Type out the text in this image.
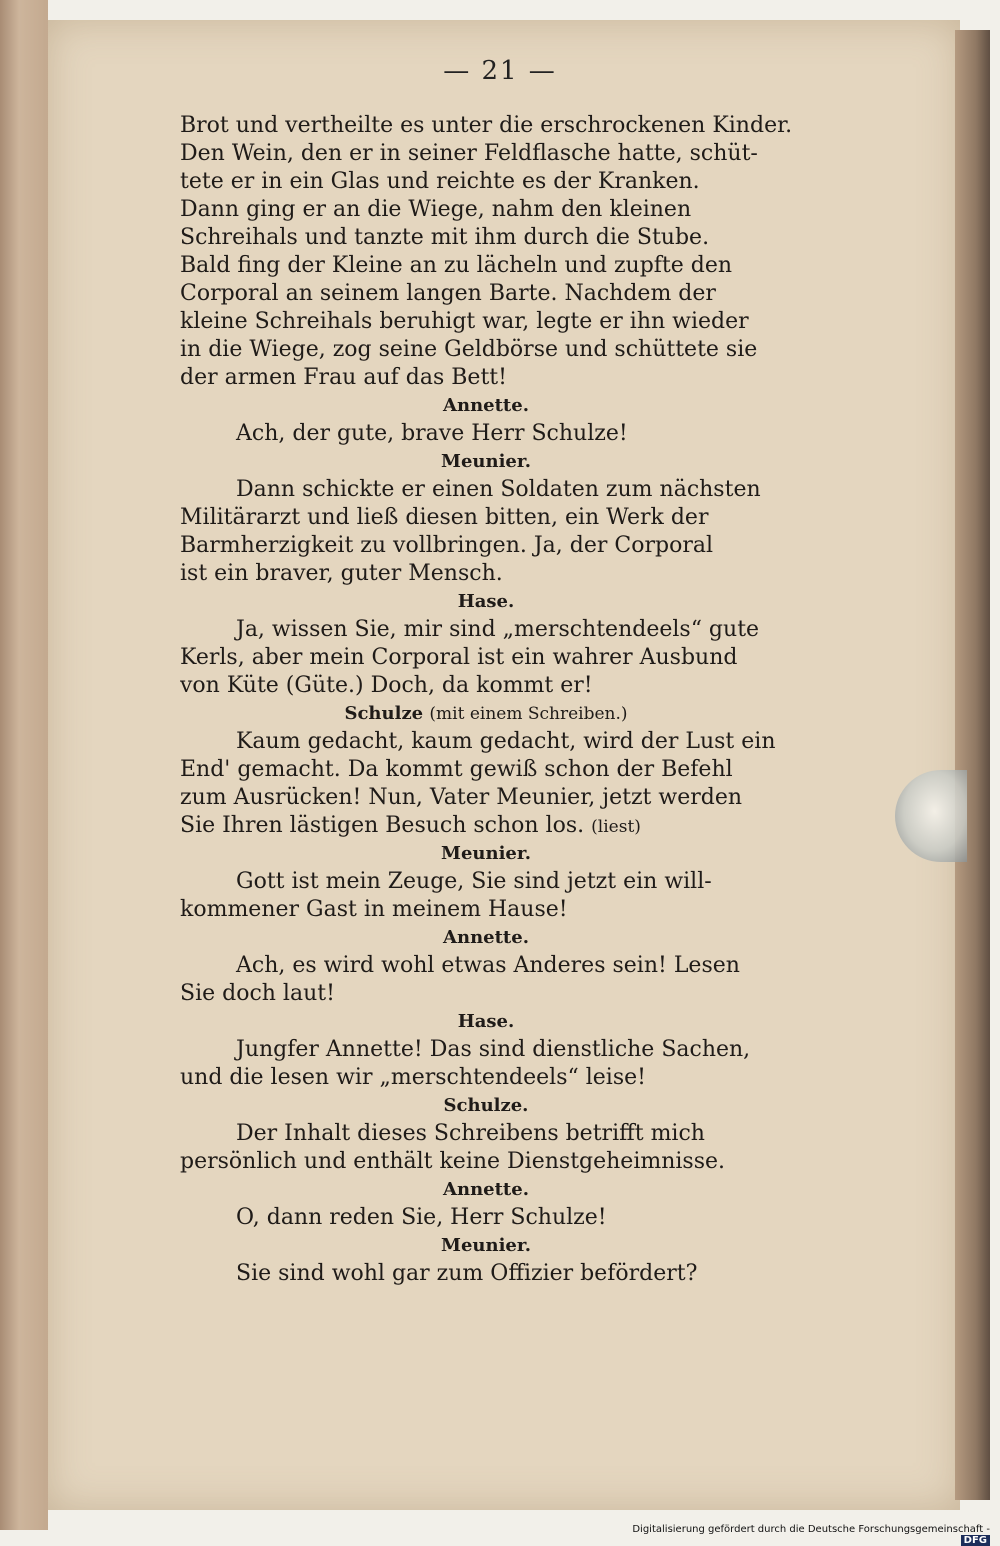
— 21 —
Brot und vertheilte es unter die erschrockenen Kinder.
Den Wein, den er in seiner Feldflasche hatte, schüt-
tete er in ein Glas und reichte es der Kranken.
Dann ging er an die Wiege, nahm den kleinen
Schreihals und tanzte mit ihm durch die Stube.
Bald fing der Kleine an zu lächeln und zupfte den
Corporal an seinem langen Barte. Nachdem der
kleine Schreihals beruhigt war, legte er ihn wieder
in die Wiege, zog seine Geldbörse und schüttete sie
der armen Frau auf das Bett!
Annette.
Ach, der gute, brave Herr Schulze!
Meunier.
Dann schickte er einen Soldaten zum nächsten
Militärarzt und ließ diesen bitten, ein Werk der
Barmherzigkeit zu vollbringen. Ja, der Corporal
ist ein braver, guter Mensch.
Hase.
Ja, wissen Sie, mir sind „merschtendeels“ gute
Kerls, aber mein Corporal ist ein wahrer Ausbund
von Küte (Güte.) Doch, da kommt er!
Schulze (mit einem Schreiben.)
Kaum gedacht, kaum gedacht, wird der Lust ein
End' gemacht. Da kommt gewiß schon der Befehl
zum Ausrücken! Nun, Vater Meunier, jetzt werden
Sie Ihren lästigen Besuch schon los. (liest)
Meunier.
Gott ist mein Zeuge, Sie sind jetzt ein will-
kommener Gast in meinem Hause!
Annette.
Ach, es wird wohl etwas Anderes sein! Lesen
Sie doch laut!
Hase.
Jungfer Annette! Das sind dienstliche Sachen,
und die lesen wir „merschtendeels“ leise!
Schulze.
Der Inhalt dieses Schreibens betrifft mich
persönlich und enthält keine Dienstgeheimnisse.
Annette.
O, dann reden Sie, Herr Schulze!
Meunier.
Sie sind wohl gar zum Offizier befördert?
Digitalisierung gefördert durch die Deutsche Forschungsgemeinschaft -DFG
